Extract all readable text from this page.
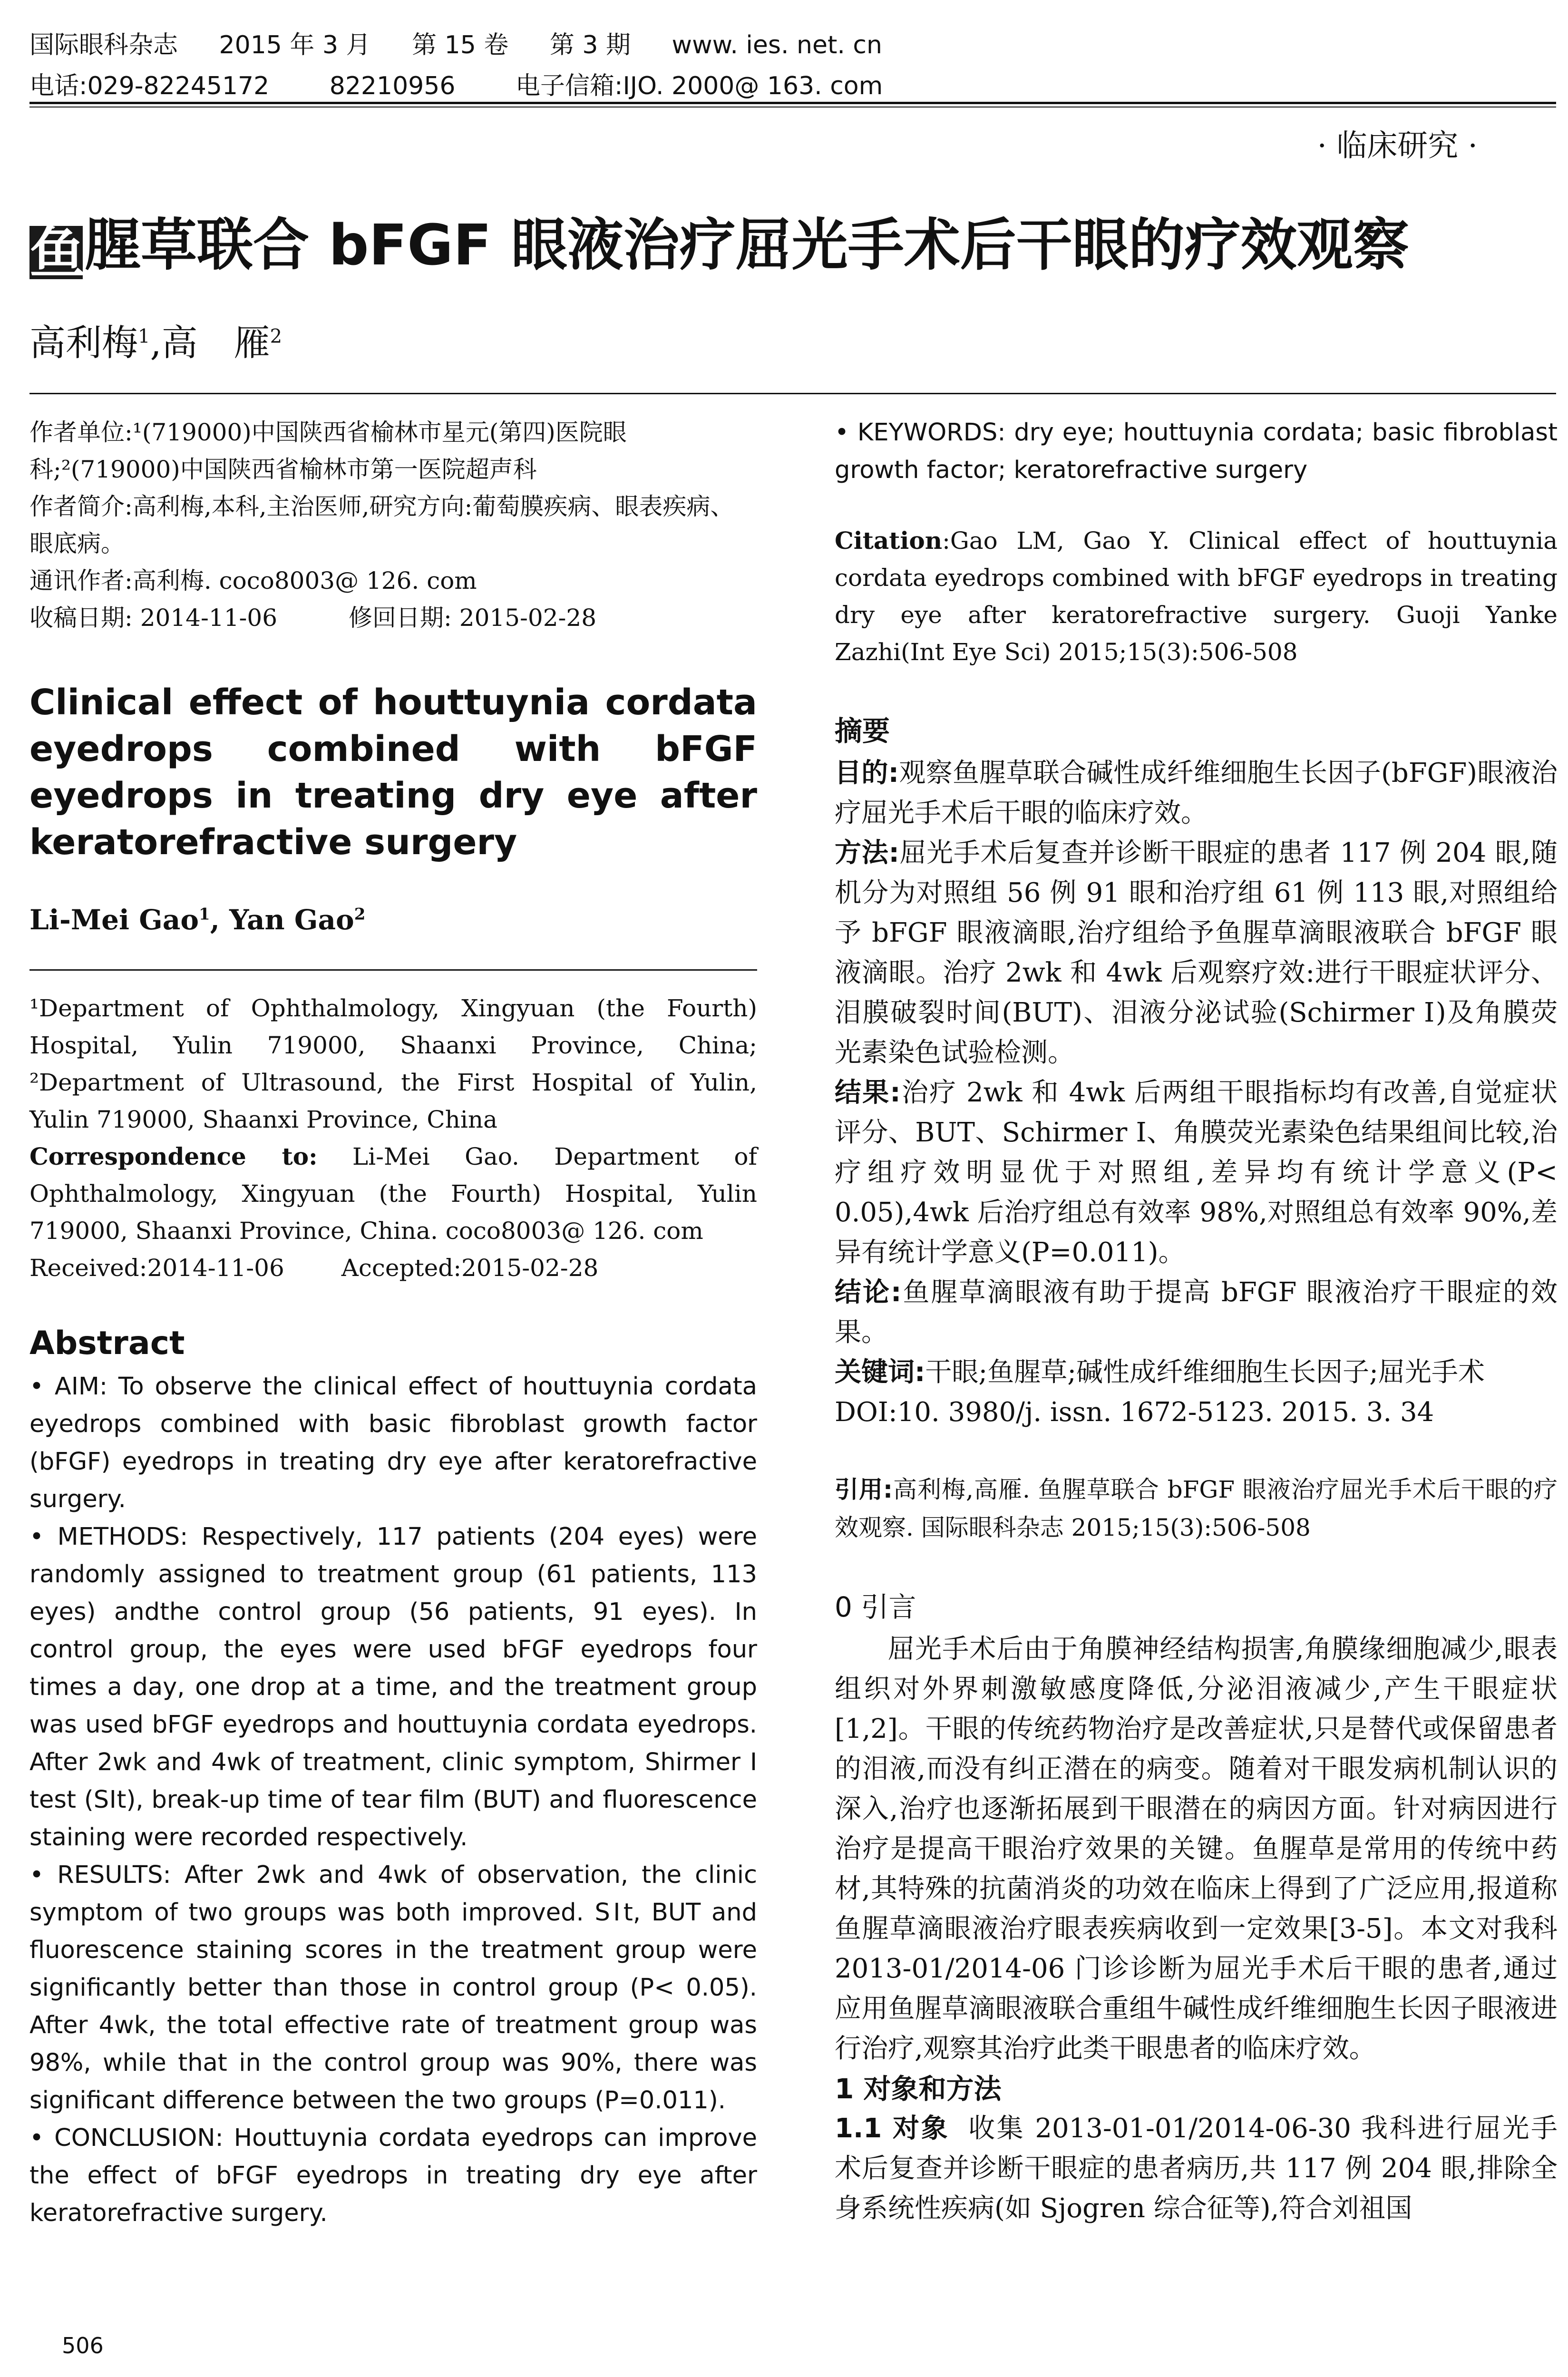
国际眼科杂志 2015 年 3 月 第 15 卷 第 3 期 www. ies. net. cn
电话:029-82245172 82210956 电子信箱:IJO. 2000@ 163. com
· 临床研究 ·
鱼腥草联合 bFGF 眼液治疗屈光手术后干眼的疗效观察
高利梅$^1$,高　雁$^2$

作者单位:¹(719000)中国陕西省榆林市星元(第四)医院眼科;²(719000)中国陕西省榆林市第一医院超声科

作者简介:高利梅,本科,主治医师,研究方向:葡萄膜疾病、眼表疾病、眼底病。

通讯作者:高利梅. coco8003@ 126. com

收稿日期: 2014-11-06　　　修回日期: 2015-02-28

Clinical effect of houttuynia cordata eyedrops combined with bFGF eyedrops in treating dry eye after keratorefractive surgery
Li-Mei Gao$^1$, Yan Gao$^2$

¹Department of Ophthalmology, Xingyuan (the Fourth) Hospital, Yulin 719000, Shaanxi Province, China; ²Department of Ultrasound, the First Hospital of Yulin, Yulin 719000, Shaanxi Province, China

Correspondence to: Li-Mei Gao. Department of Ophthalmology, Xingyuan (the Fourth) Hospital, Yulin 719000, Shaanxi Province, China. coco8003@ 126. com

Received:2014-11-06 Accepted:2015-02-28

Abstract

• AIM: To observe the clinical effect of houttuynia cordata eyedrops combined with basic fibroblast growth factor (bFGF) eyedrops in treating dry eye after keratorefractive surgery.

• METHODS: Respectively, 117 patients (204 eyes) were randomly assigned to treatment group (61 patients, 113 eyes) andthe control group (56 patients, 91 eyes). In control group, the eyes were used bFGF eyedrops four times a day, one drop at a time, and the treatment group was used bFGF eyedrops and houttuynia cordata eyedrops. After 2wk and 4wk of treatment, clinic symptom, Shirmer Ⅰ test (SⅠt), break-up time of tear film (BUT) and fluorescence staining were recorded respectively.

• RESULTS: After 2wk and 4wk of observation, the clinic symptom of two groups was both improved. SⅠt, BUT and fluorescence staining scores in the treatment group were significantly better than those in control group (P< 0.05). After 4wk, the total effective rate of treatment group was 98%, while that in the control group was 90%, there was significant difference between the two groups (P=0.011).

• CONCLUSION: Houttuynia cordata eyedrops can improve the effect of bFGF eyedrops in treating dry eye after keratorefractive surgery.

• KEYWORDS: dry eye; houttuynia cordata; basic fibroblast growth factor; keratorefractive surgery

Citation:Gao LM, Gao Y. Clinical effect of houttuynia cordata eyedrops combined with bFGF eyedrops in treating dry eye after keratorefractive surgery. Guoji Yanke Zazhi(Int Eye Sci) 2015;15(3):506-508

摘要

目的:观察鱼腥草联合碱性成纤维细胞生长因子(bFGF)眼液治疗屈光手术后干眼的临床疗效。

方法:屈光手术后复查并诊断干眼症的患者 117 例 204 眼,随机分为对照组 56 例 91 眼和治疗组 61 例 113 眼,对照组给予 bFGF 眼液滴眼,治疗组给予鱼腥草滴眼液联合 bFGF 眼液滴眼。治疗 2wk 和 4wk 后观察疗效:进行干眼症状评分、泪膜破裂时间(BUT)、泪液分泌试验(Schirmer Ⅰ)及角膜荧光素染色试验检测。

结果:治疗 2wk 和 4wk 后两组干眼指标均有改善,自觉症状评分、BUT、Schirmer Ⅰ、角膜荧光素染色结果组间比较,治疗组疗效明显优于对照组,差异均有统计学意义(P< 0.05),4wk 后治疗组总有效率 98%,对照组总有效率 90%,差异有统计学意义(P=0.011)。

结论:鱼腥草滴眼液有助于提高 bFGF 眼液治疗干眼症的效果。

关键词:干眼;鱼腥草;碱性成纤维细胞生长因子;屈光手术

DOI:10. 3980/j. issn. 1672-5123. 2015. 3. 34

引用:高利梅,高雁. 鱼腥草联合 bFGF 眼液治疗屈光手术后干眼的疗效观察. 国际眼科杂志 2015;15(3):506-508

0 引言

屈光手术后由于角膜神经结构损害,角膜缘细胞减少,眼表组织对外界刺激敏感度降低,分泌泪液减少,产生干眼症状[1,2]。干眼的传统药物治疗是改善症状,只是替代或保留患者的泪液,而没有纠正潜在的病变。随着对干眼发病机制认识的深入,治疗也逐渐拓展到干眼潜在的病因方面。针对病因进行治疗是提高干眼治疗效果的关键。鱼腥草是常用的传统中药材,其特殊的抗菌消炎的功效在临床上得到了广泛应用,报道称鱼腥草滴眼液治疗眼表疾病收到一定效果[3-5]。本文对我科 2013-01/2014-06 门诊诊断为屈光手术后干眼的患者,通过应用鱼腥草滴眼液联合重组牛碱性成纤维细胞生长因子眼液进行治疗,观察其治疗此类干眼患者的临床疗效。

1 对象和方法
1.1 对象 收集 2013-01-01/2014-06-30 我科进行屈光手术后复查并诊断干眼症的患者病历,共 117 例 204 眼,排除全身系统性疾病(如 Sjogren 综合征等),符合刘祖国
506
